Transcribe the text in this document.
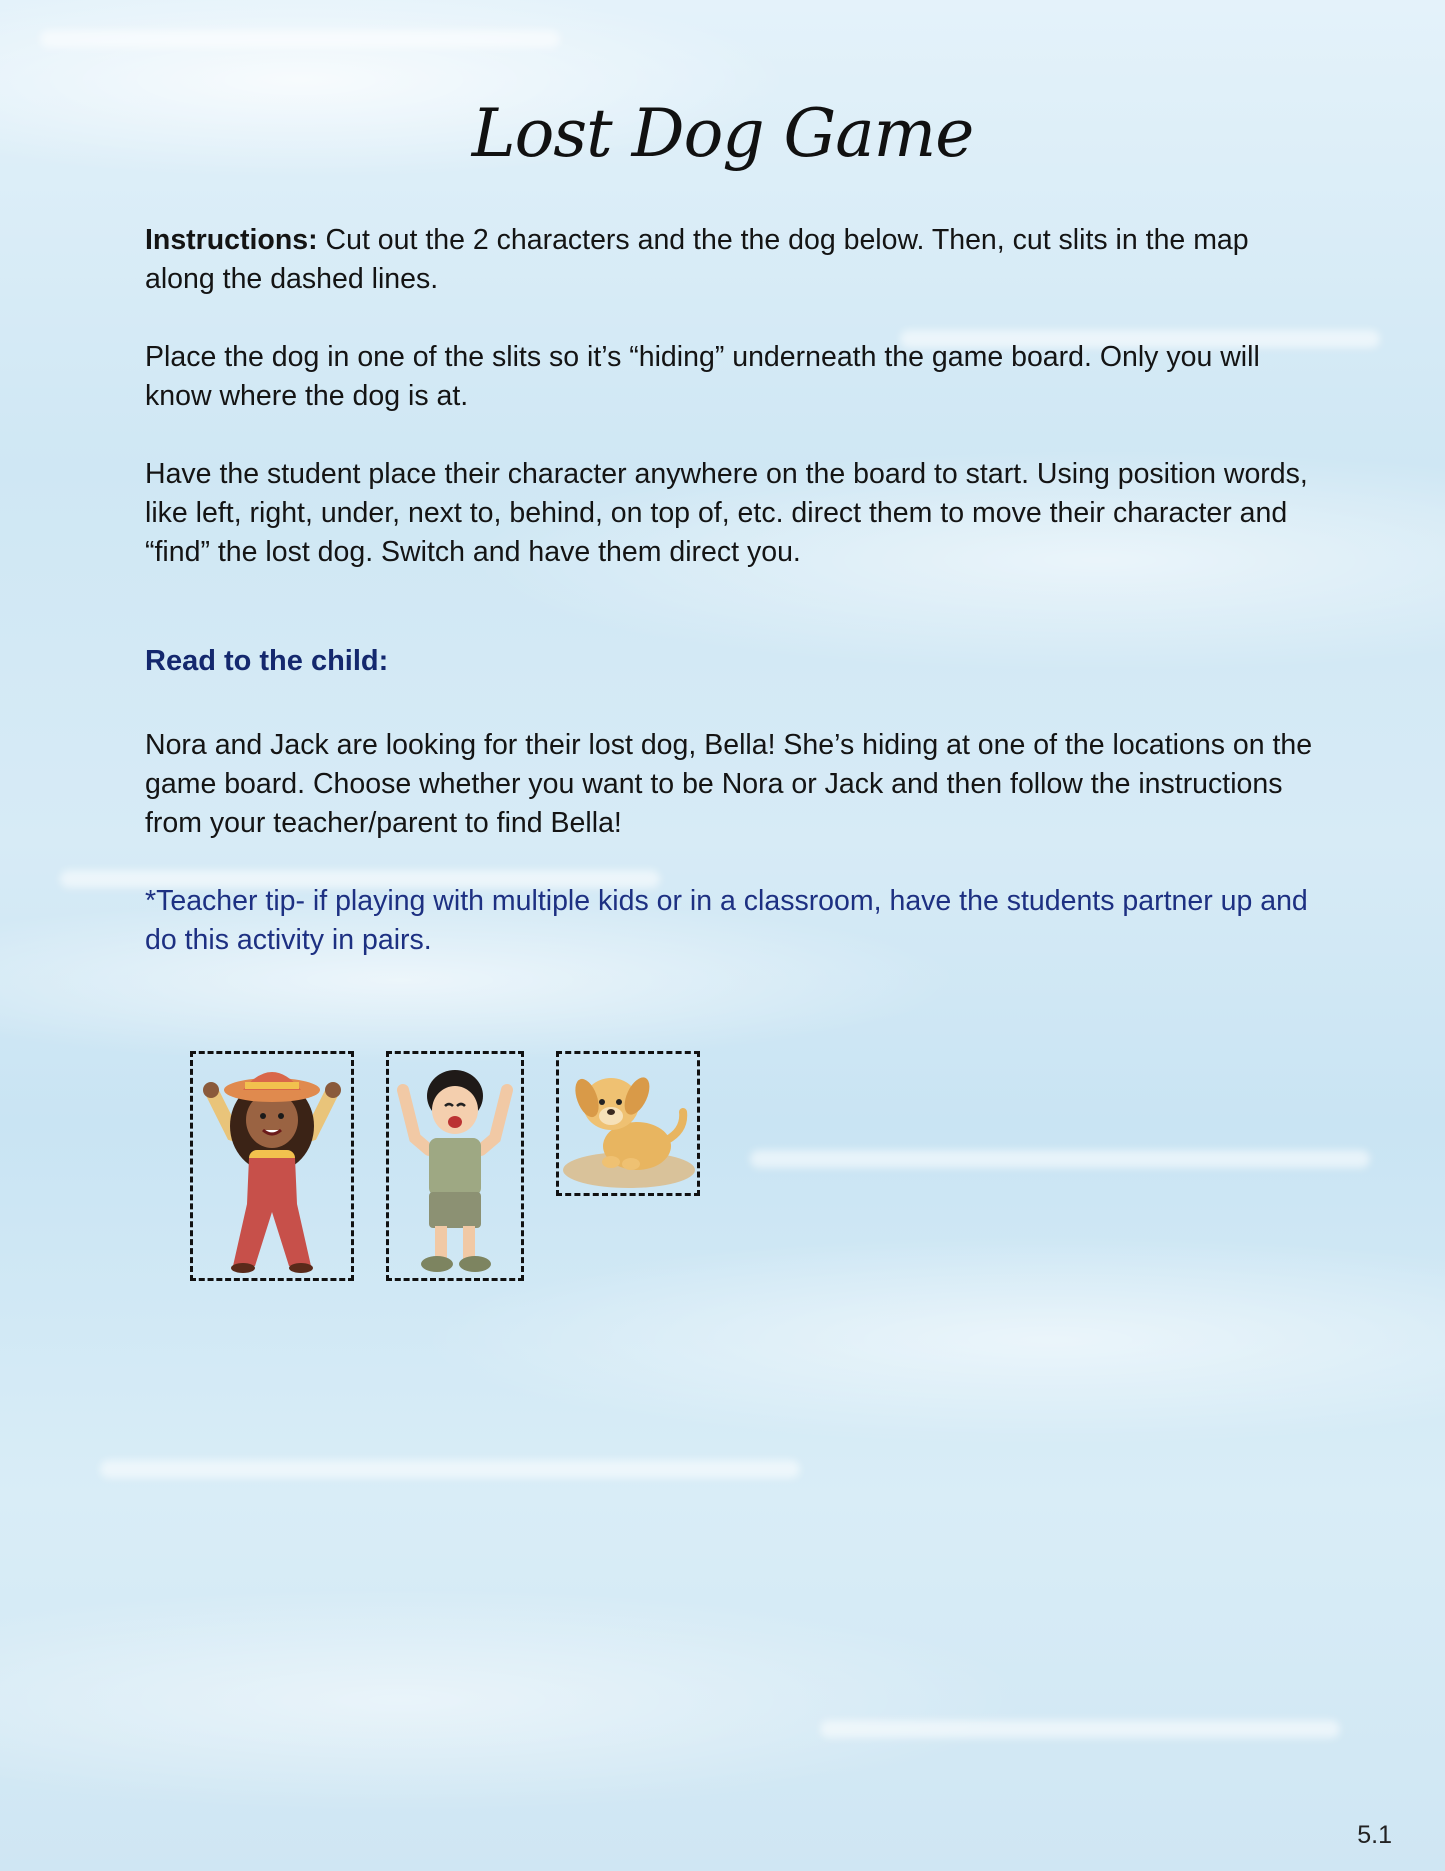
Lost Dog Game

Instructions: Cut out the 2 characters and the the dog below. Then, cut slits in the map along the dashed lines.

Place the dog in one of the slits so it’s “hiding” underneath the game board. Only you will know where the dog is at.

Have the student place their character anywhere on the board to start. Using position words, like left, right, under, next to, behind, on top of, etc. direct them to move their character and “find” the lost dog. Switch and have them direct you.

Read to the child:

Nora and Jack are looking for their lost dog, Bella! She’s hiding at one of the locations on the game board. Choose whether you want to be Nora or Jack and then follow the instructions from your teacher/parent to find Bella!

*Teacher tip- if playing with multiple kids or in a classroom, have the students partner up and do this activity in pairs.

5.1
